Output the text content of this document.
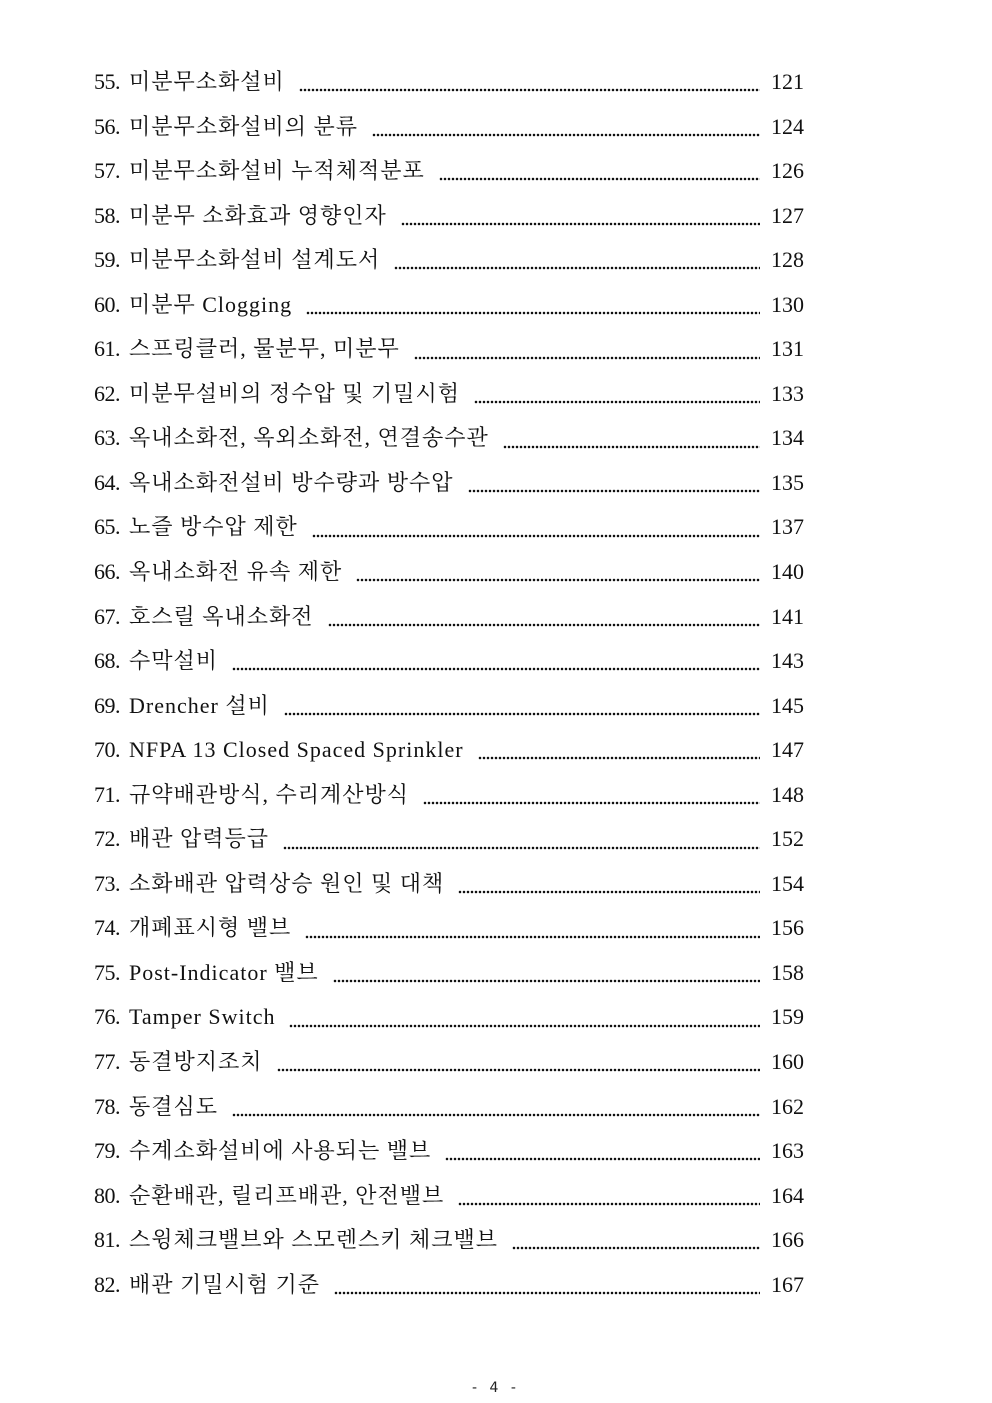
55. 미분무소화설비	121
56. 미분무소화설비의 분류	124
57. 미분무소화설비 누적체적분포	126
58. 미분무 소화효과 영향인자	127
59. 미분무소화설비 설계도서	128
60. 미분무 Clogging	130
61. 스프링클러, 물분무, 미분무	131
62. 미분무설비의 정수압 및 기밀시험	133
63. 옥내소화전, 옥외소화전, 연결송수관	134
64. 옥내소화전설비 방수량과 방수압	135
65. 노즐 방수압 제한	137
66. 옥내소화전 유속 제한	140
67. 호스릴 옥내소화전	141
68. 수막설비	143
69. Drencher 설비	145
70. NFPA 13 Closed Spaced Sprinkler	147
71. 규약배관방식, 수리계산방식	148
72. 배관 압력등급	152
73. 소화배관 압력상승 원인 및 대책	154
74. 개폐표시형 밸브	156
75. Post-Indicator 밸브	158
76. Tamper Switch	159
77. 동결방지조치	160
78. 동결심도	162
79. 수계소화설비에 사용되는 밸브	163
80. 순환배관, 릴리프배관, 안전밸브	164
81. 스윙체크밸브와 스모렌스키 체크밸브	166
82. 배관 기밀시험 기준	167
- 4 -
